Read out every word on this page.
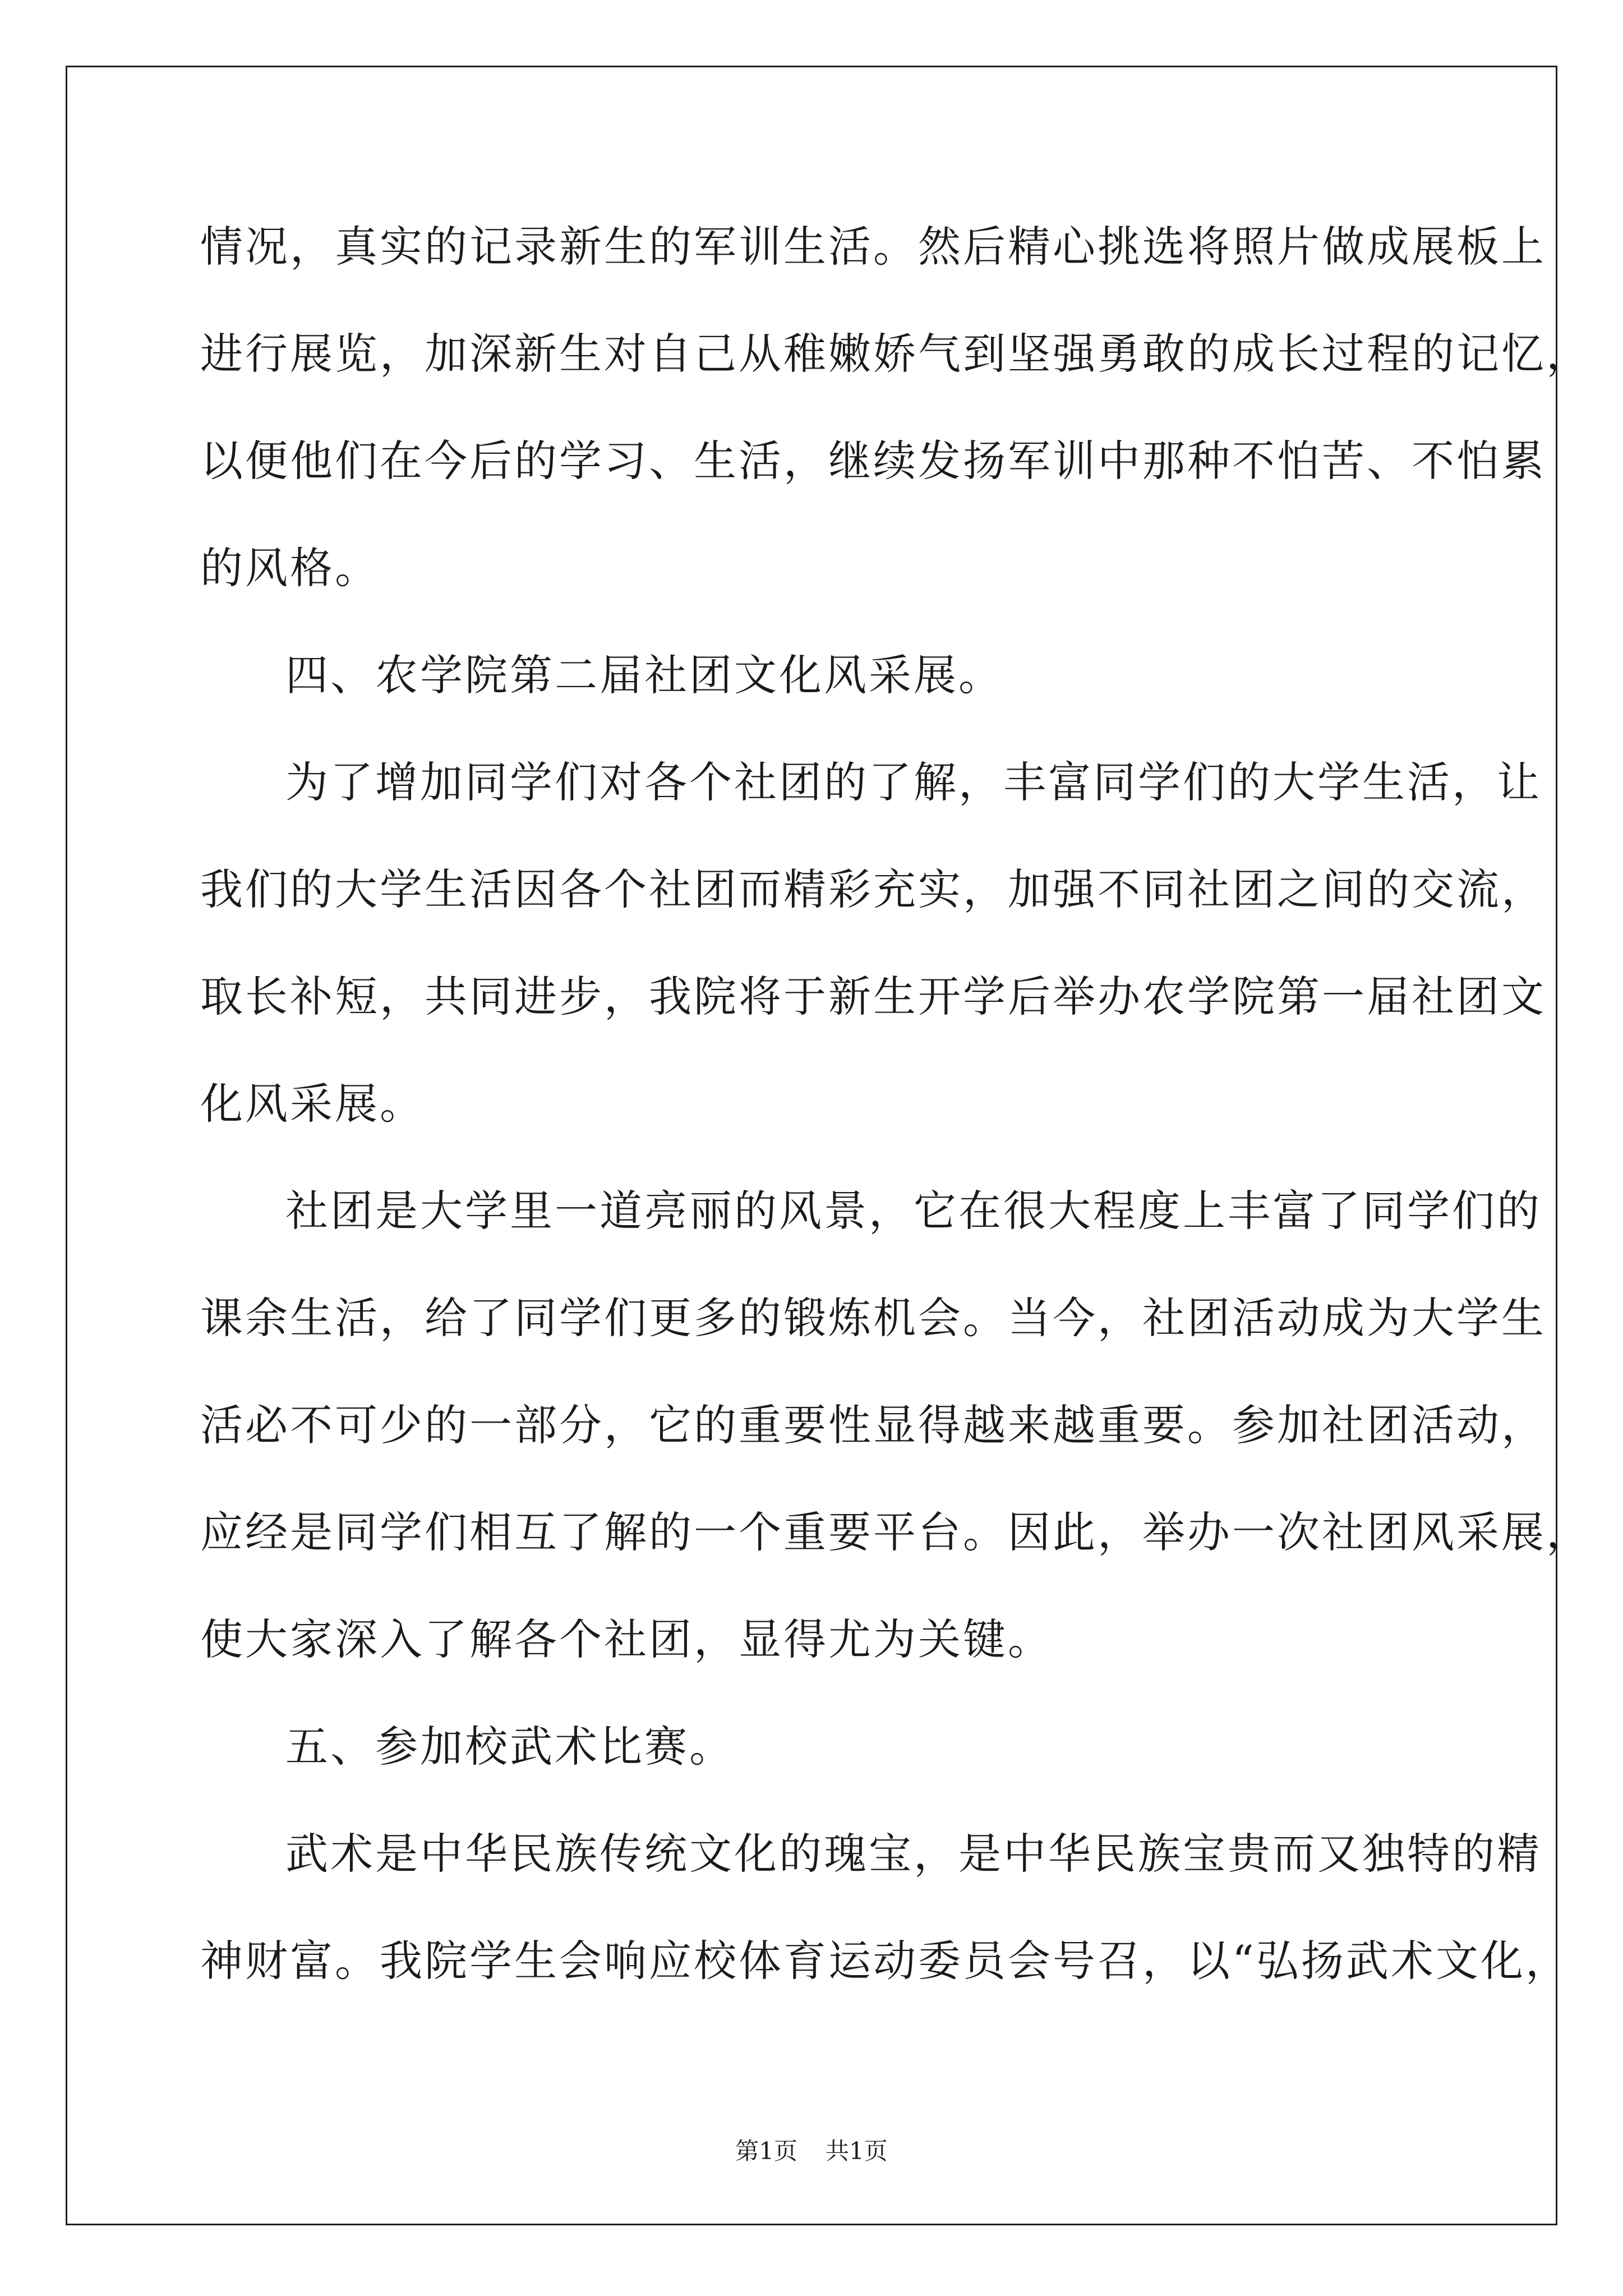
情况，真实的记录新生的军训生活。然后精心挑选将照片做成展板上
进行展览，加深新生对自己从稚嫩娇气到坚强勇敢的成长过程的记忆，
以便他们在今后的学习、生活，继续发扬军训中那种不怕苦、不怕累
的风格。
四、农学院第二届社团文化风采展。
为了增加同学们对各个社团的了解，丰富同学们的大学生活，让
我们的大学生活因各个社团而精彩充实，加强不同社团之间的交流，
取长补短，共同进步，我院将于新生开学后举办农学院第一届社团文
化风采展。
社团是大学里一道亮丽的风景，它在很大程度上丰富了同学们的
课余生活，给了同学们更多的锻炼机会。当今，社团活动成为大学生
活必不可少的一部分，它的重要性显得越来越重要。参加社团活动，
应经是同学们相互了解的一个重要平台。因此，举办一次社团风采展，
使大家深入了解各个社团，显得尤为关键。
五、参加校武术比赛。
武术是中华民族传统文化的瑰宝，是中华民族宝贵而又独特的精
神财富。我院学生会响应校体育运动委员会号召，以“弘扬武术文化，
第1页 共1页
